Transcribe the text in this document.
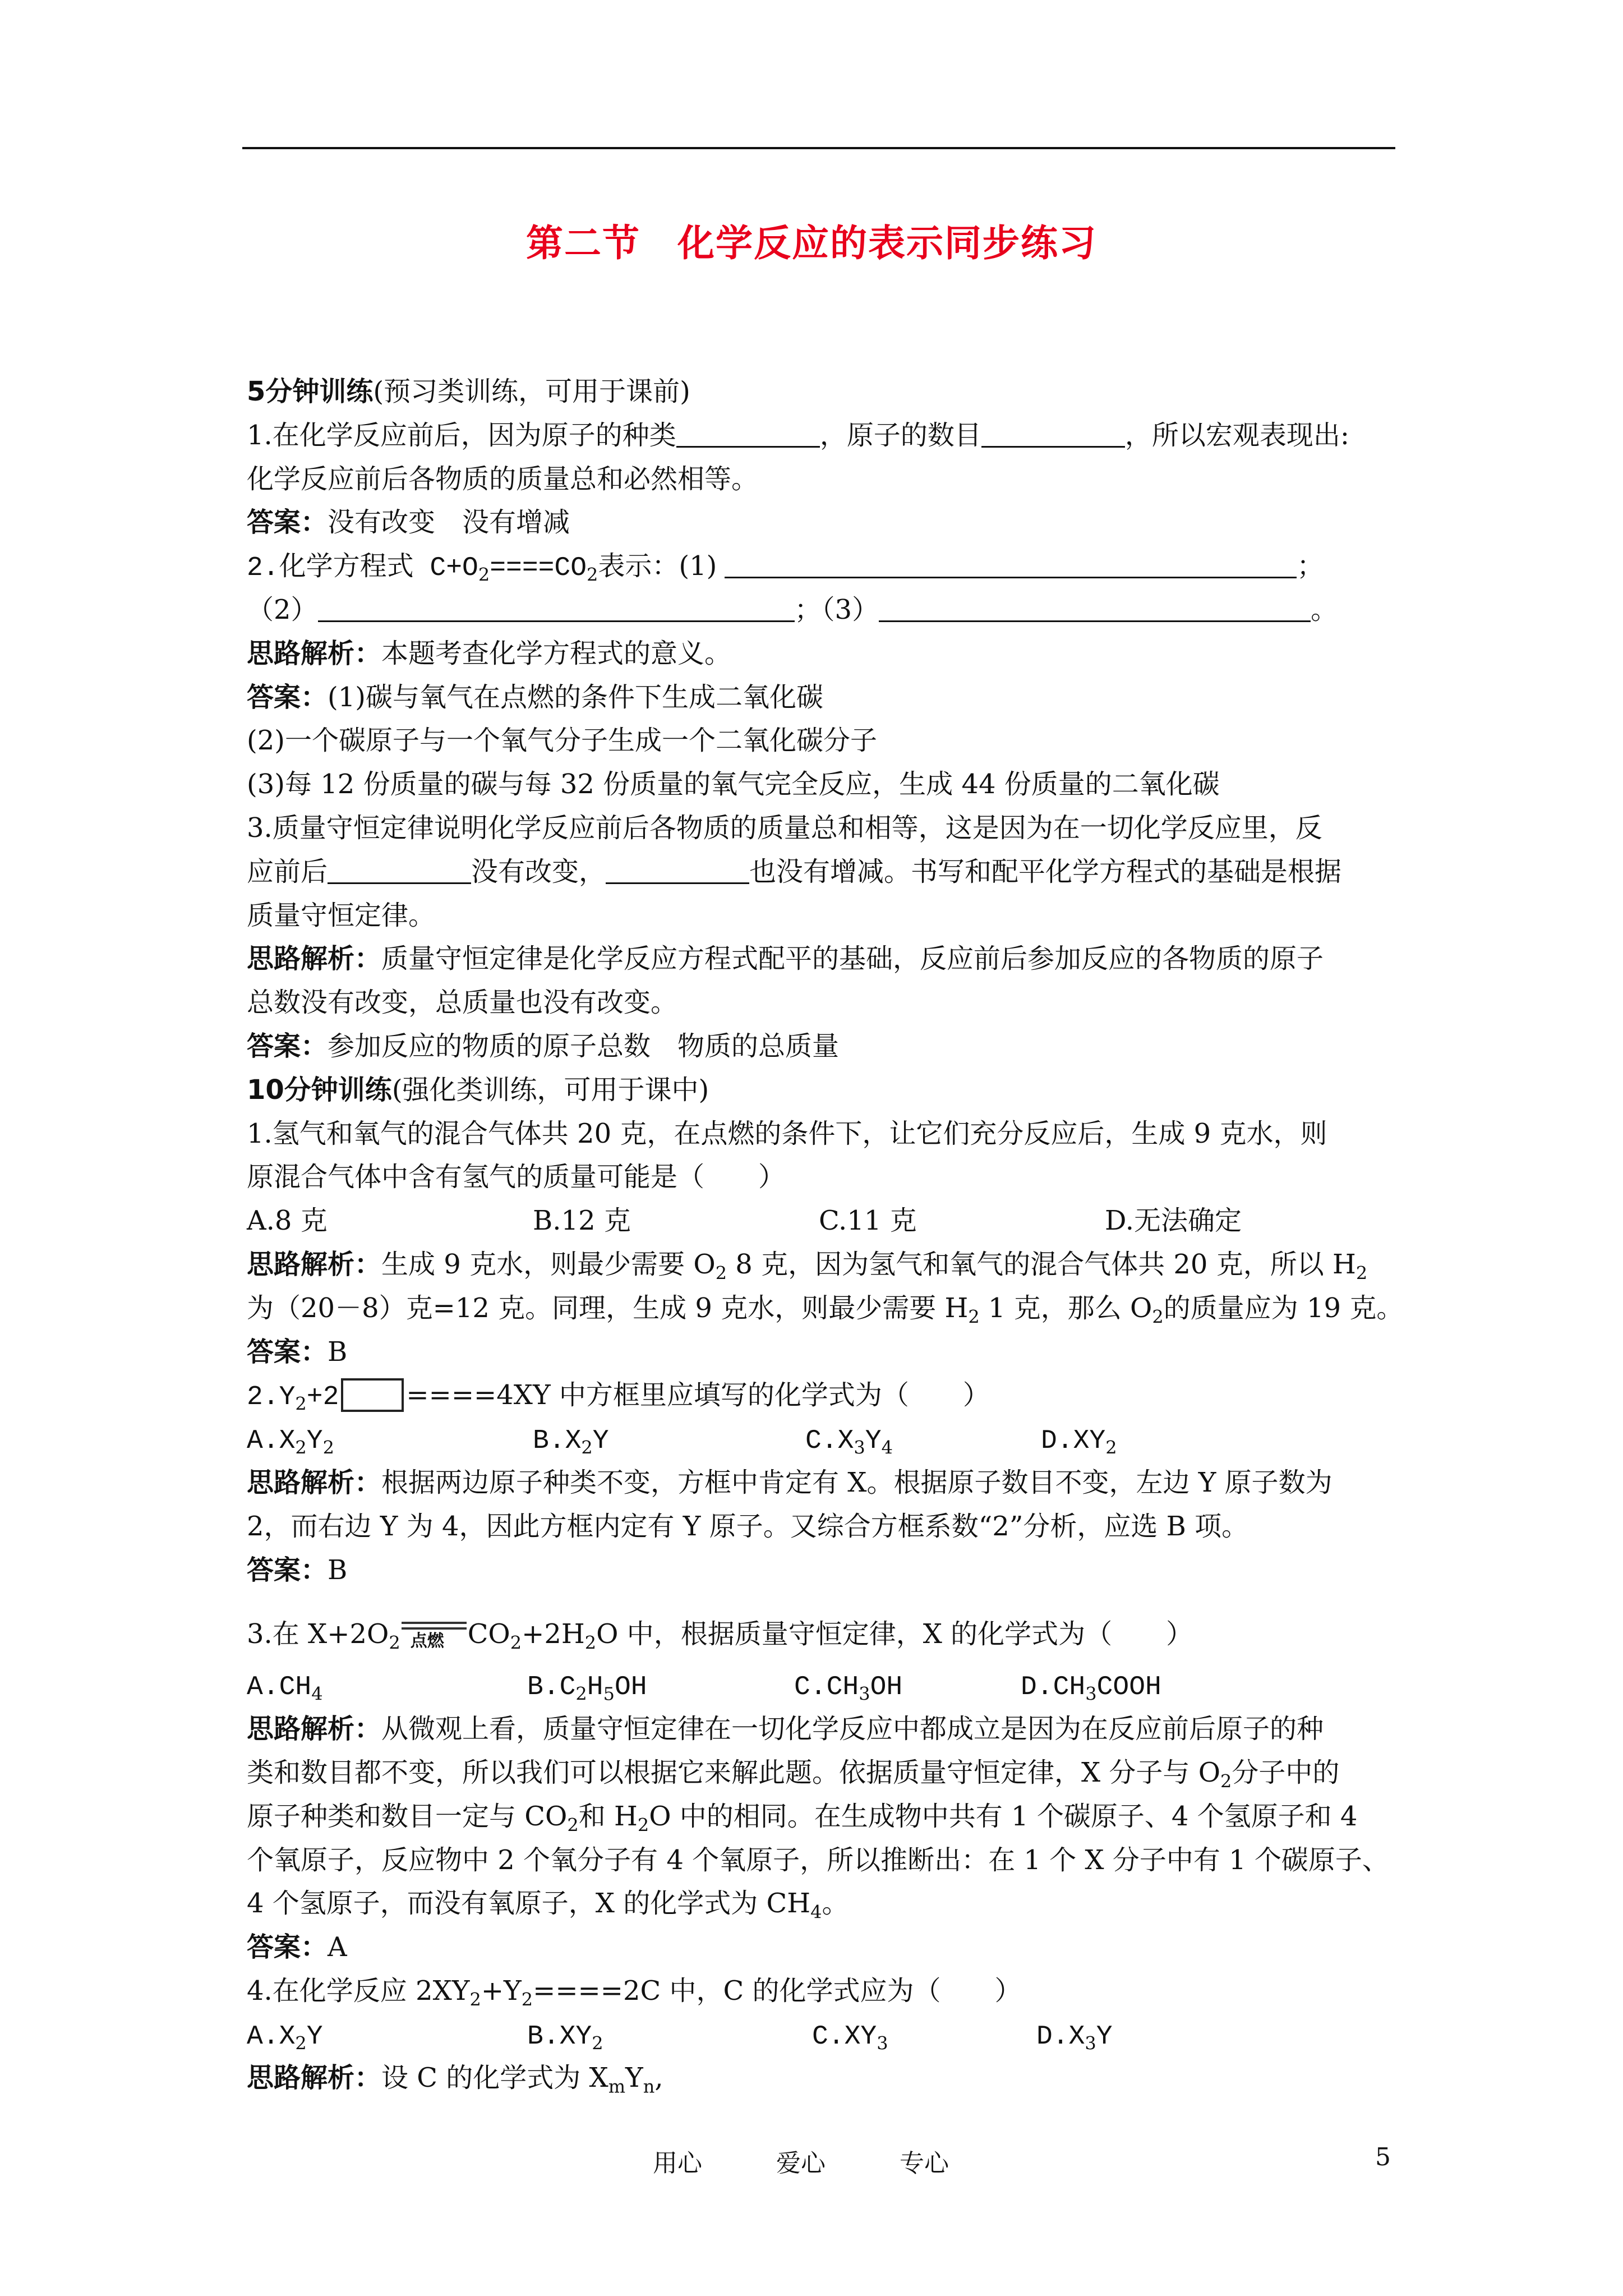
第二节 化学反应的表示同步练习
5分钟训练(预习类训练，可用于课前)
1.在化学反应前后，因为原子的种类	，原子的数目	，所以宏观表现出:
化学反应前后各物质的质量总和必然相等。
答案：没有改变　没有增减
2.化学方程式 $C+O_2====CO_2$表示：(1)	；
（2）	；（3）	。
思路解析：本题考查化学方程式的意义。
答案：(1)碳与氧气在点燃的条件下生成二氧化碳
(2)一个碳原子与一个氧气分子生成一个二氧化碳分子
(3)每 12 份质量的碳与每 32 份质量的氧气完全反应，生成 44 份质量的二氧化碳
3.质量守恒定律说明化学反应前后各物质的质量总和相等，这是因为在一切化学反应里，反
应前后	没有改变，	也没有增减。书写和配平化学方程式的基础是根据
质量守恒定律。
思路解析：质量守恒定律是化学反应方程式配平的基础，反应前后参加反应的各物质的原子
总数没有改变，总质量也没有改变。
答案：参加反应的物质的原子总数　物质的总质量
10分钟训练(强化类训练，可用于课中)
1.氢气和氧气的混合气体共 20 克，在点燃的条件下，让它们充分反应后，生成 9 克水，则
原混合气体中含有氢气的质量可能是（　　）
A.8 克	B.12 克	C.11 克	D.无法确定
思路解析：生成 9 克水，则最少需要 $O_2$ 8 克，因为氢气和氧气的混合气体共 20 克，所以 $H_2$
为（20－8）克=12 克。同理，生成 9 克水，则最少需要 $H_2$ 1 克，那么 $O_2$的质量应为 19 克。
答案：B
$2.Y_2+2$	====4XY 中方框里应填写的化学式为（　　）
$A.X_2Y_2$	$B.X_2Y$	$C.X_3Y_4$	$D.XY_2$
思路解析：根据两边原子种类不变，方框中肯定有 X。根据原子数目不变，左边 Y 原子数为
2，而右边 Y 为 4，因此方框内定有 Y 原子。又综合方框系数“2”分析，应选 B 项。
答案：B
3.在 $X+2O_2$ 点燃 $CO_2+2H_2O$ 中，根据质量守恒定律，X 的化学式为（　　）
$A.CH_4$	$B.C_2H_5OH$	$C.CH_3OH$	$D.CH_3COOH$
思路解析：从微观上看，质量守恒定律在一切化学反应中都成立是因为在反应前后原子的种
类和数目都不变，所以我们可以根据它来解此题。依据质量守恒定律，X 分子与 $O_2$分子中的
原子种类和数目一定与 $CO_2$和 $H_2O$ 中的相同。在生成物中共有 1 个碳原子、4 个氢原子和 4
个氧原子，反应物中 2 个氧分子有 4 个氧原子，所以推断出：在 1 个 X 分子中有 1 个碳原子、
4 个氢原子，而没有氧原子，X 的化学式为 $CH_4$。
答案：A
4.在化学反应 $2XY_2+Y_2====2C$ 中，C 的化学式应为（　　）
$A.X_2Y$	$B.XY_2$	$C.XY_3$	$D.X_3Y$
思路解析：设 C 的化学式为 $X_mY_n$,
用心　　　爱心　　　专心	5
